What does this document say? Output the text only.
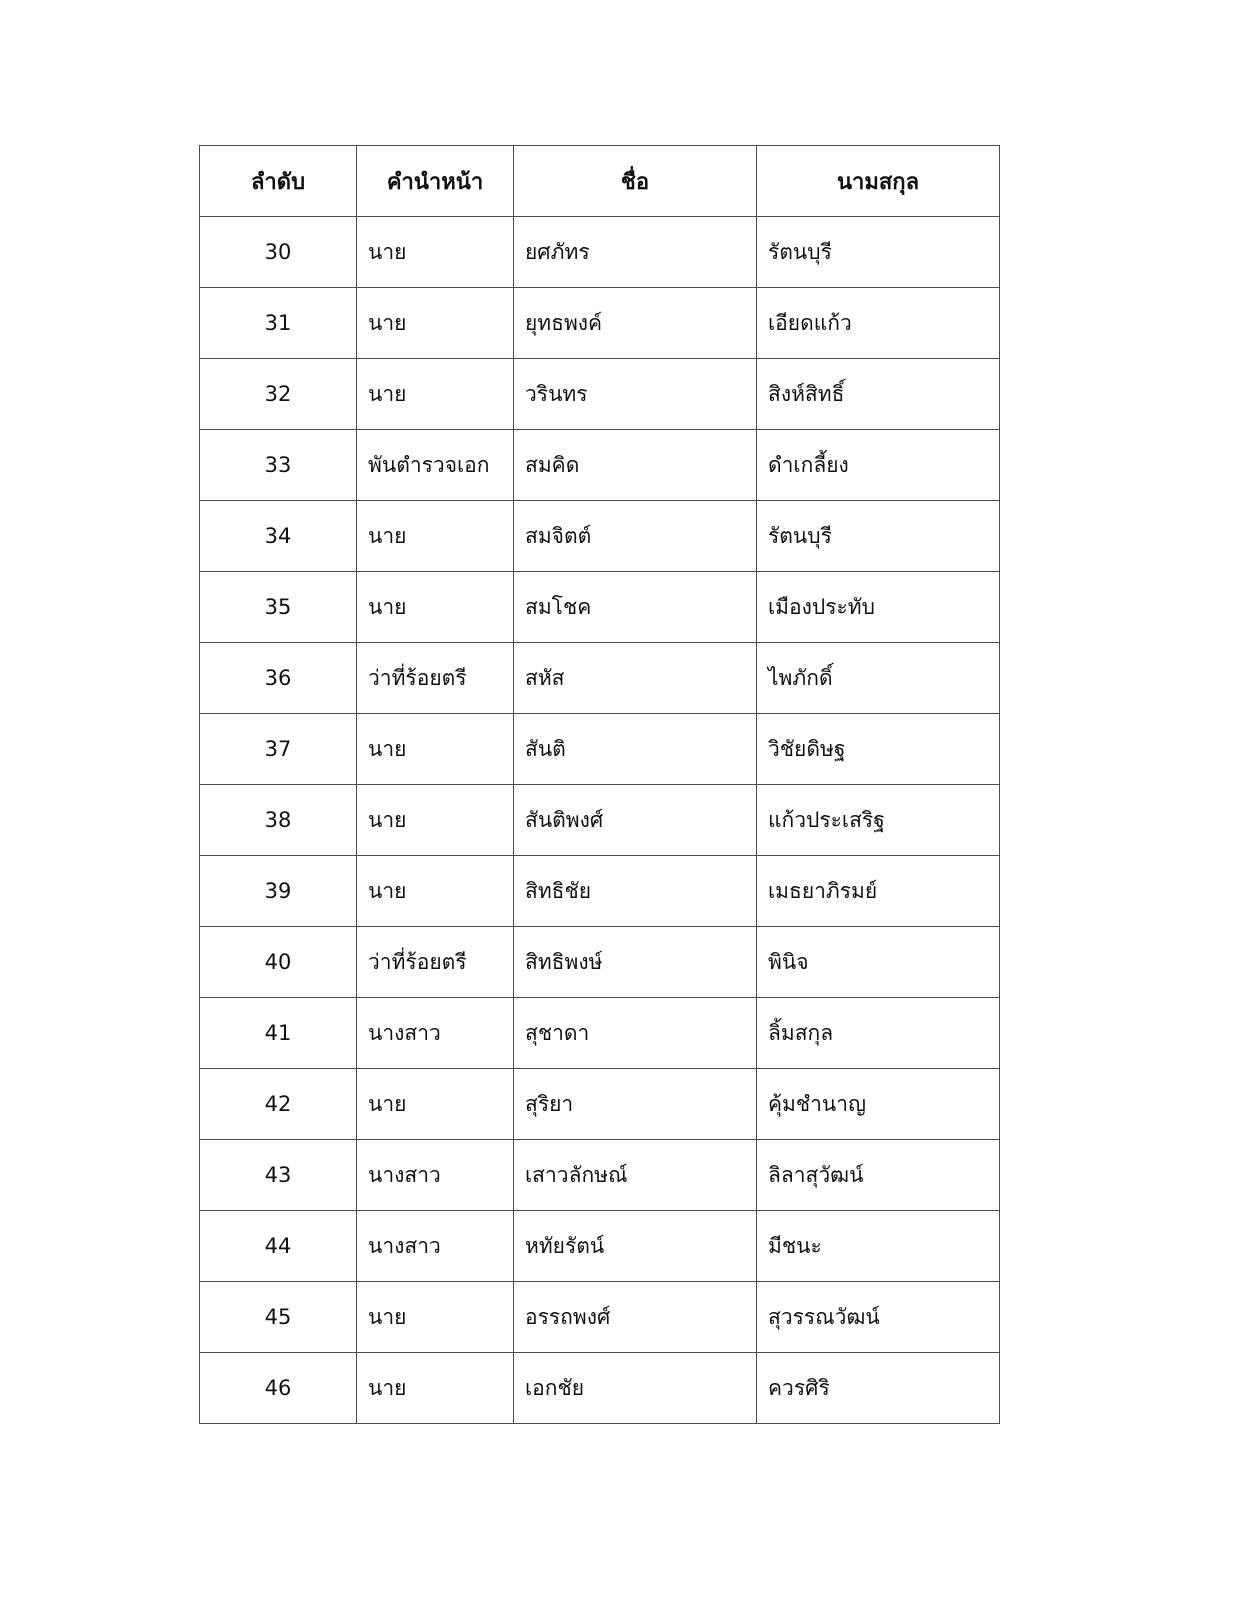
ลำดับ	คำนำหน้า	ชื่อ	นามสกุล
30	นาย	ยศภัทร	รัตนบุรี
31	นาย	ยุทธพงค์	เอียดแก้ว
32	นาย	วรินทร	สิงห์สิทธิ์
33	พันตำรวจเอก	สมคิด	ดำเกลี้ยง
34	นาย	สมจิตต์	รัตนบุรี
35	นาย	สมโชค	เมืองประทับ
36	ว่าที่ร้อยตรี	สหัส	ไพภักดิ์
37	นาย	สันติ	วิชัยดิษฐ
38	นาย	สันติพงศ์	แก้วประเสริฐ
39	นาย	สิทธิชัย	เมธยาภิรมย์
40	ว่าที่ร้อยตรี	สิทธิพงษ์	พินิจ
41	นางสาว	สุชาดา	ลิ้มสกุล
42	นาย	สุริยา	คุ้มชำนาญ
43	นางสาว	เสาวลักษณ์	ลิลาสุวัฒน์
44	นางสาว	หทัยรัตน์	มีชนะ
45	นาย	อรรถพงศ์	สุวรรณวัฒน์
46	นาย	เอกชัย	ควรศิริ
